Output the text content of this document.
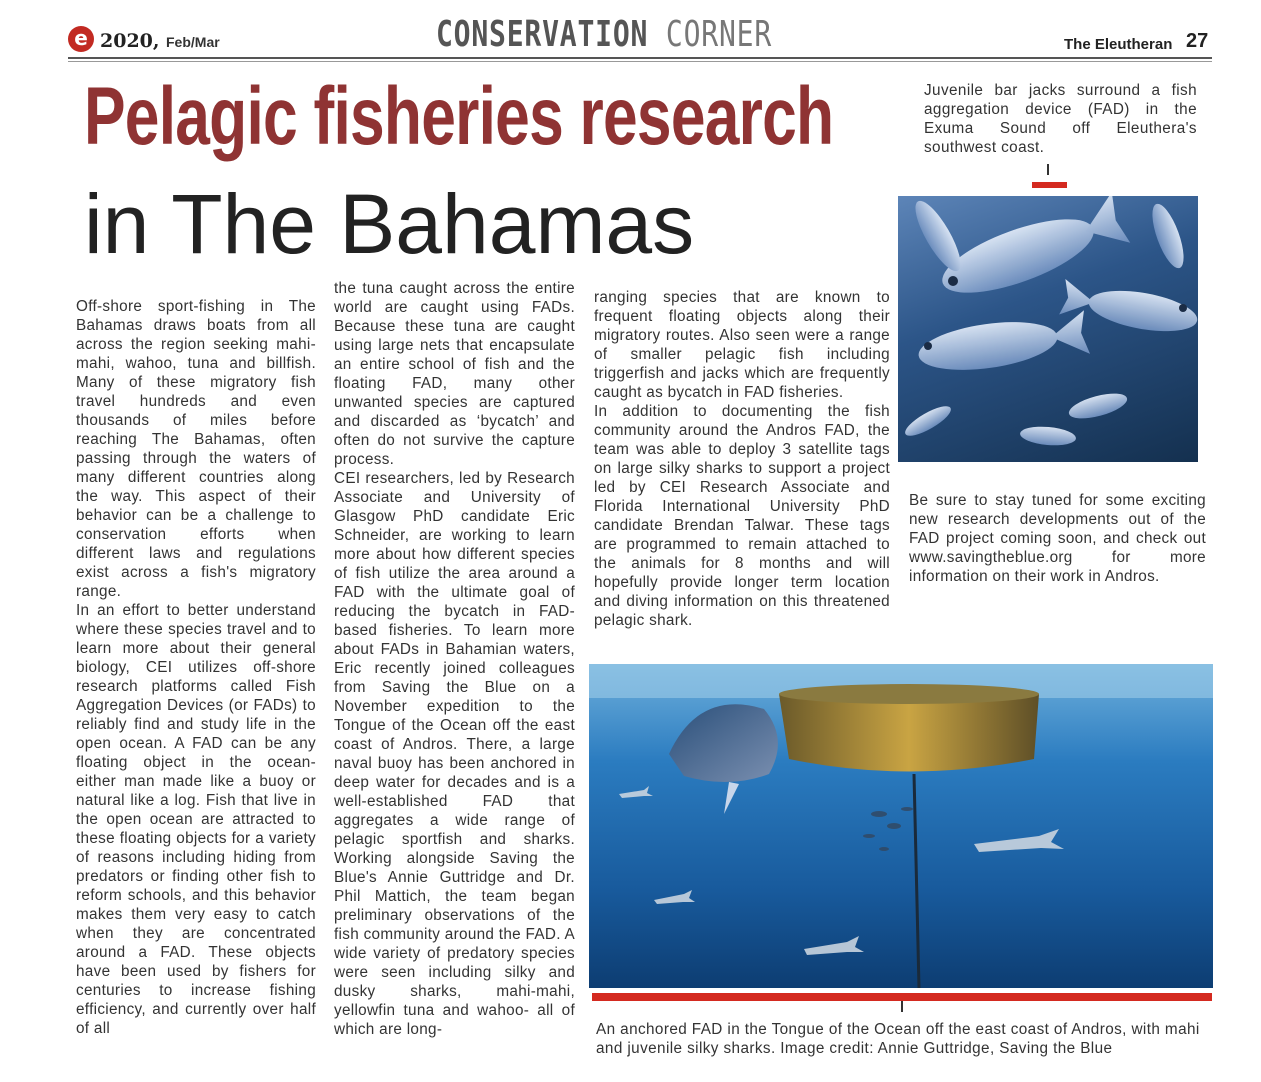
e 2020, Feb/Mar	CONSERVATION CORNER	The Eleutheran 27
Pelagic fisheries research
in The Bahamas
Juvenile bar jacks surround a fish aggregation device (FAD) in the Exuma Sound off Eleuthera's southwest coast.

Off-shore sport-fishing in The Bahamas draws boats from all across the region seeking mahi-mahi, wahoo, tuna and billfish. Many of these migratory fish travel hundreds and even thousands of miles before reaching The Bahamas, often passing through the waters of many different countries along the way. This aspect of their behavior can be a challenge to conservation efforts when different laws and regulations exist across a fish's migratory range.

In an effort to better understand where these species travel and to learn more about their general biology, CEI utilizes off-shore research platforms called Fish Aggregation Devices (or FADs) to reliably find and study life in the open ocean. A FAD can be any floating object in the ocean- either man made like a buoy or natural like a log. Fish that live in the open ocean are attracted to these floating objects for a variety of reasons including hiding from predators or finding other fish to reform schools, and this behavior makes them very easy to catch when they are concentrated around a FAD. These objects have been used by fishers for centuries to increase fishing efficiency, and currently over half of all

the tuna caught across the entire world are caught using FADs. Because these tuna are caught using large nets that encapsulate an entire school of fish and the floating FAD, many other unwanted species are captured and discarded as ‘bycatch’ and often do not survive the capture process.

CEI researchers, led by Research Associate and University of Glasgow PhD candidate Eric Schneider, are working to learn more about how different species of fish utilize the area around a FAD with the ultimate goal of reducing the bycatch in FAD-based fisheries. To learn more about FADs in Bahamian waters, Eric recently joined colleagues from Saving the Blue on a November expedition to the Tongue of the Ocean off the east coast of Andros. There, a large naval buoy has been anchored in deep water for decades and is a well-established FAD that aggregates a wide range of pelagic sportfish and sharks. Working alongside Saving the Blue's Annie Guttridge and Dr. Phil Mattich, the team began preliminary observations of the fish community around the FAD. A wide variety of predatory species were seen including silky and dusky sharks, mahi-mahi, yellowfin tuna and wahoo- all of which are long-

ranging species that are known to frequent floating objects along their migratory routes. Also seen were a range of smaller pelagic fish including triggerfish and jacks which are frequently caught as bycatch in FAD fisheries.

In addition to documenting the fish community around the Andros FAD, the team was able to deploy 3 satellite tags on large silky sharks to support a project led by CEI Research Associate and Florida International University PhD candidate Brendan Talwar. These tags are programmed to remain attached to the animals for 8 months and will hopefully provide longer term location and diving information on this threatened pelagic shark.

Be sure to stay tuned for some exciting new research developments out of the FAD project coming soon, and check out www.savingtheblue.org for more information on their work in Andros.

An anchored FAD in the Tongue of the Ocean off the east coast of Andros, with mahi and juvenile silky sharks. Image credit: Annie Guttridge, Saving the Blue
